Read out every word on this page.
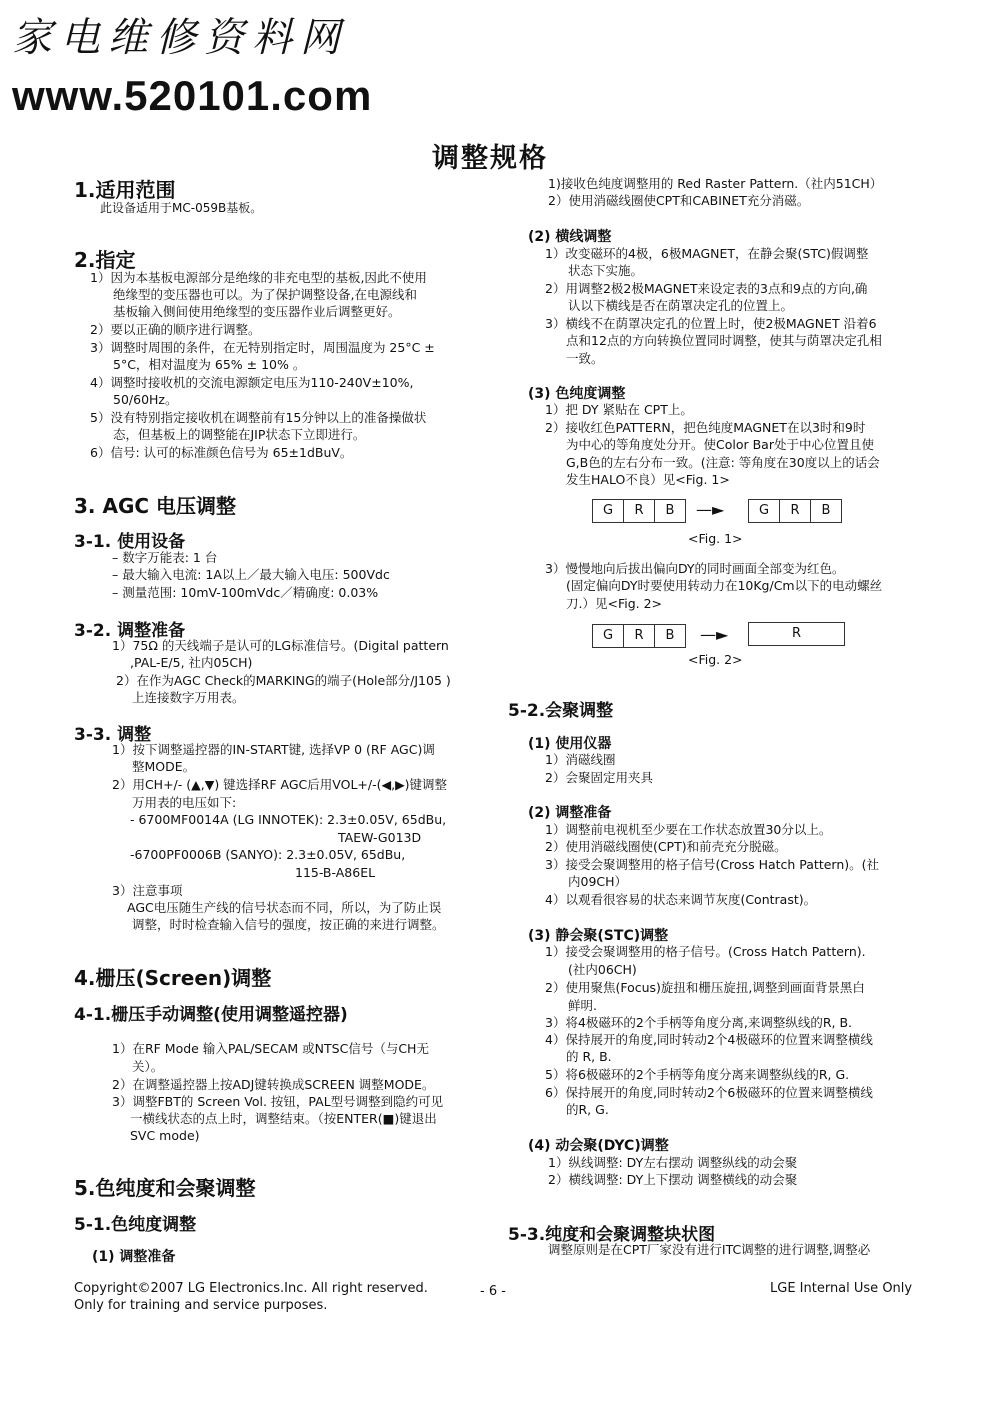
家电维修资料网
www.520101.com
调整规格
1.适用范围
此设备适用于MC-059B基板。
2.指定
1）因为本基板电源部分是绝缘的非充电型的基板,因此不使用
绝缘型的变压器也可以。为了保护调整设备,在电源线和
基板输入侧间使用绝缘型的变压器作业后调整更好。
2）要以正确的顺序进行调整。
3）调整时周围的条件，在无特别指定时，周围温度为 25°C ±
5°C，相对温度为 65% ± 10% 。
4）调整时接收机的交流电源额定电压为110-240V±10%,
50/60Hz。
5）没有特别指定接收机在调整前有15分钟以上的准备操做状
态，但基板上的调整能在JIP状态下立即进行。
6）信号: 认可的标准颜色信号为 65±1dBuV。
3. AGC 电压调整
3-1. 使用设备
– 数字万能表: 1 台
– 最大输入电流: 1A以上／最大输入电压: 500Vdc
– 测量范围: 10mV-100mVdc／精确度: 0.03%
3-2. 调整准备
1）75Ω 的天线端子是认可的LG标准信号。(Digital pattern
,PAL-E/5, 社内05CH)
2）在作为AGC Check的MARKING的端子(Hole部分/J105 )
上连接数字万用表。
3-3. 调整
1）按下调整遥控器的IN-START键, 选择VP 0 (RF AGC)调
整MODE。
2）用CH+/- (▲,▼) 键选择RF AGC后用VOL+/-(◀,▶)键调整
万用表的电压如下:
- 6700MF0014A (LG INNOTEK): 2.3±0.05V, 65dBu,
TAEW-G013D
-6700PF0006B (SANYO): 2.3±0.05V, 65dBu,
115-B-A86EL
3）注意事项
AGC电压随生产线的信号状态而不同，所以，为了防止误
调整，时时检查输入信号的强度，按正确的来进行调整。
4.栅压(Screen)调整
4-1.栅压手动调整(使用调整遥控器)
1）在RF Mode 输入PAL/SECAM 或NTSC信号（与CH无
关）。
2）在调整遥控器上按ADJ键转换成SCREEN 调整MODE。
3）调整FBT的 Screen Vol. 按钮，PAL型号调整到隐约可见
一横线状态的点上时，调整结束。（按ENTER(■)键退出
SVC mode)
5.色纯度和会聚调整
5-1.色纯度调整
(1) 调整准备
1)接收色纯度调整用的 Red Raster Pattern.（社内51CH）
2）使用消磁线圈使CPT和CABINET充分消磁。
(2) 横线调整
1）改变磁环的4极，6极MAGNET，在静会聚(STC)假调整
状态下实施。
2）用调整2极2极MAGNET来设定表的3点和9点的方向,确
认以下横线是否在荫罩决定孔的位置上。
3）横线不在荫罩决定孔的位置上时，使2极MAGNET 沿着6
点和12点的方向转换位置同时调整，使其与荫罩决定孔相
一致。
(3) 色纯度调整
1）把 DY 紧贴在 CPT上。
2）接收红色PATTERN，把色纯度MAGNET在以3时和9时
为中心的等角度处分开。使Color Bar处于中心位置且使
G,B色的左右分布一致。(注意: 等角度在30度以上的话会
发生HALO不良）见<Fig. 1>
G	R	B	—►	G	R	B
<Fig. 1>
3）慢慢地向后拔出偏向DY的同时画面全部变为红色。
(固定偏向DY时要使用转动力在10Kg/Cm以下的电动螺丝
刀.）见<Fig. 2>
G	R	B	—►	R
<Fig. 2>
5-2.会聚调整
(1) 使用仪器
1）消磁线圈
2）会聚固定用夹具
(2) 调整准备
1）调整前电视机至少要在工作状态放置30分以上。
2）使用消磁线圈使(CPT)和前壳充分脱磁。
3）接受会聚调整用的格子信号(Cross Hatch Pattern)。(社
内09CH）
4）以观看很容易的状态来调节灰度(Contrast)。
(3) 静会聚(STC)调整
1）接受会聚调整用的格子信号。(Cross Hatch Pattern).
(社内06CH)
2）使用聚焦(Focus)旋扭和栅压旋扭,调整到画面背景黑白
鲜明.
3）将4极磁环的2个手柄等角度分离,来调整纵线的R, B.
4）保持展开的角度,同时转动2个4极磁环的位置来调整横线
的 R, B.
5）将6极磁环的2个手柄等角度分离来调整纵线的R, G.
6）保持展开的角度,同时转动2个6极磁环的位置来调整横线
的R, G.
(4) 动会聚(DYC)调整
1）纵线调整: DY左右摆动 调整纵线的动会聚
2）横线调整: DY上下摆动 调整横线的动会聚
5-3.纯度和会聚调整块状图
调整原则是在CPT厂家没有进行ITC调整的进行调整,调整必
Copyright©2007 LG Electronics.Inc. All right reserved.
Only for training and service purposes.
- 6 -	LGE Internal Use Only
